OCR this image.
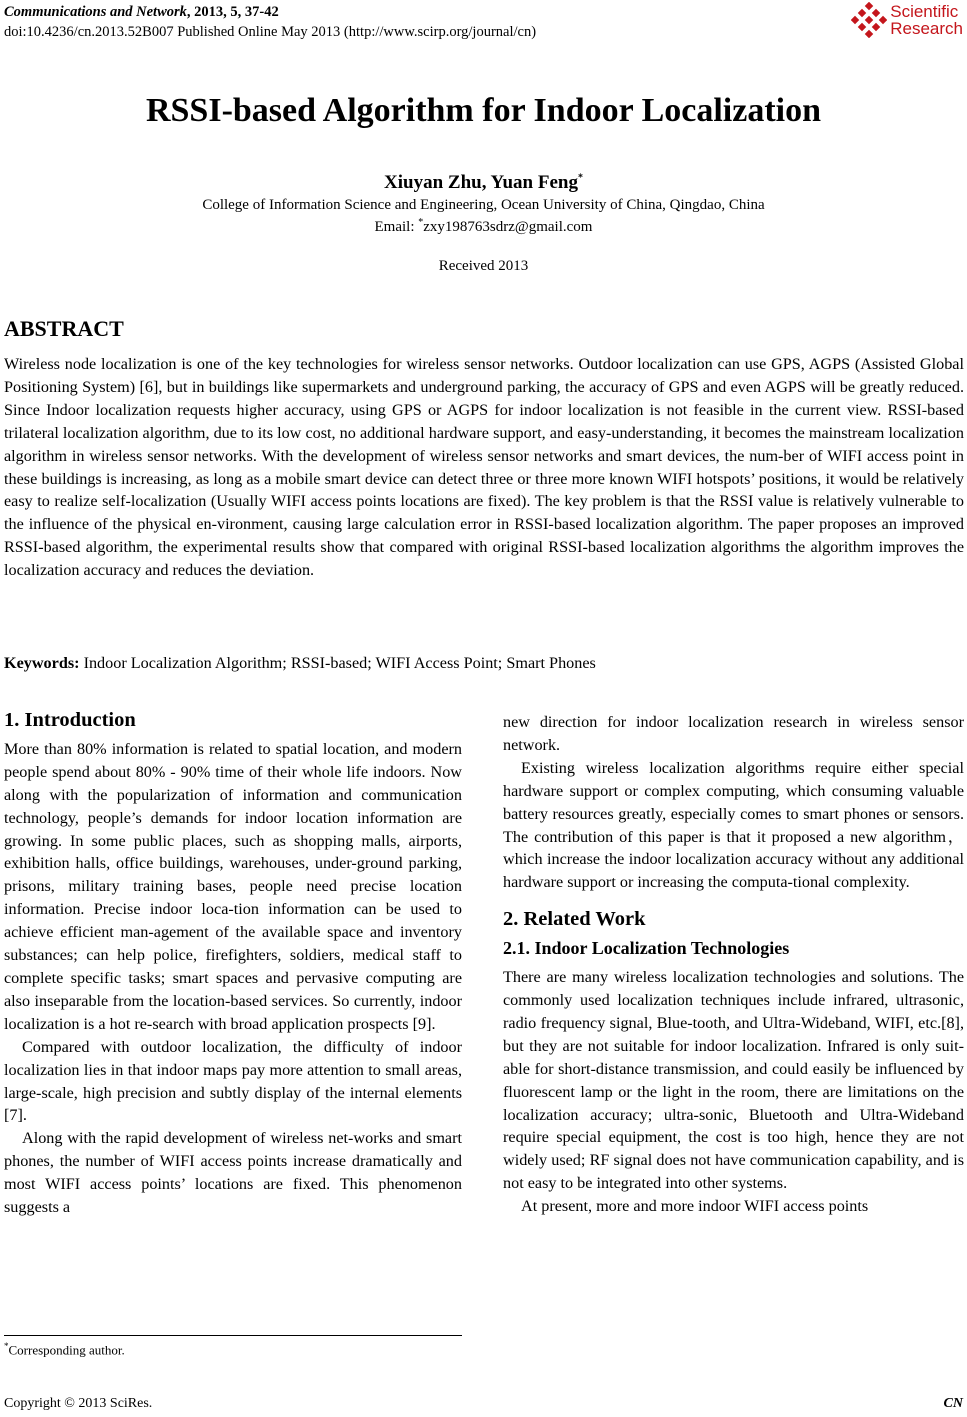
Communications and Network, 2013, 5, 37-42
doi:10.4236/cn.2013.52B007 Published Online May 2013 (http://www.scirp.org/journal/cn)
Scientific
Research
RSSI-based Algorithm for Indoor Localization
Xiuyan Zhu, Yuan Feng*
College of Information Science and Engineering, Ocean University of China, Qingdao, China
Email: *zxy198763sdrz@gmail.com
Received 2013
ABSTRACT
Wireless node localization is one of the key technologies for wireless sensor networks. Outdoor localization can use GPS, AGPS (Assisted Global Positioning System) [6], but in buildings like supermarkets and underground parking, the accuracy of GPS and even AGPS will be greatly reduced. Since Indoor localization requests higher accuracy, using GPS or AGPS for indoor localization is not feasible in the current view. RSSI-based trilateral localization algorithm, due to its low cost, no additional hardware support, and easy-understanding, it becomes the mainstream localization algorithm in wireless sensor networks. With the development of wireless sensor networks and smart devices, the num-ber of WIFI access point in these buildings is increasing, as long as a mobile smart device can detect three or three more known WIFI hotspots’ positions, it would be relatively easy to realize self-localization (Usually WIFI access points locations are fixed). The key problem is that the RSSI value is relatively vulnerable to the influence of the physical en-vironment, causing large calculation error in RSSI-based localization algorithm. The paper proposes an improved RSSI-based algorithm, the experimental results show that compared with original RSSI-based localization algorithms the algorithm improves the localization accuracy and reduces the deviation.
Keywords: Indoor Localization Algorithm; RSSI-based; WIFI Access Point; Smart Phones
1. Introduction

More than 80% information is related to spatial location, and modern people spend about 80% - 90% time of their whole life indoors. Now along with the popularization of information and communication technology, people’s demands for indoor location information are growing. In some public places, such as shopping malls, airports, exhibition halls, office buildings, warehouses, under-ground parking, prisons, military training bases, people need precise location information. Precise indoor loca-tion information can be used to achieve efficient man-agement of the available space and inventory substances; can help police, firefighters, soldiers, medical staff to complete specific tasks; smart spaces and pervasive computing are also inseparable from the location-based services. So currently, indoor localization is a hot re-search with broad application prospects [9].

Compared with outdoor localization, the difficulty of indoor localization lies in that indoor maps pay more attention to small areas, large-scale, high precision and subtly display of the internal elements [7].

Along with the rapid development of wireless net-works and smart phones, the number of WIFI access points increase dramatically and most WIFI access points’ locations are fixed. This phenomenon suggests a

new direction for indoor localization research in wireless sensor network.

Existing wireless localization algorithms require either special hardware support or complex computing, which consuming valuable battery resources greatly, especially comes to smart phones or sensors. The contribution of this paper is that it proposed a new algorithm，which increase the indoor localization accuracy without any additional hardware support or increasing the computa-tional complexity.

2. Related Work
2.1. Indoor Localization Technologies

There are many wireless localization technologies and solutions. The commonly used localization techniques include infrared, ultrasonic, radio frequency signal, Blue-tooth, and Ultra-Wideband, WIFI, etc.[8], but they are not suitable for indoor localization. Infrared is only suit-able for short-distance transmission, and could easily be influenced by fluorescent lamp or the light in the room, there are limitations on the localization accuracy; ultra-sonic, Bluetooth and Ultra-Wideband require special equipment, the cost is too high, hence they are not widely used; RF signal does not have communication capability, and is not easy to be integrated into other systems.

At present, more and more indoor WIFI access points

*Corresponding author.
Copyright © 2013 SciRes.	CN
